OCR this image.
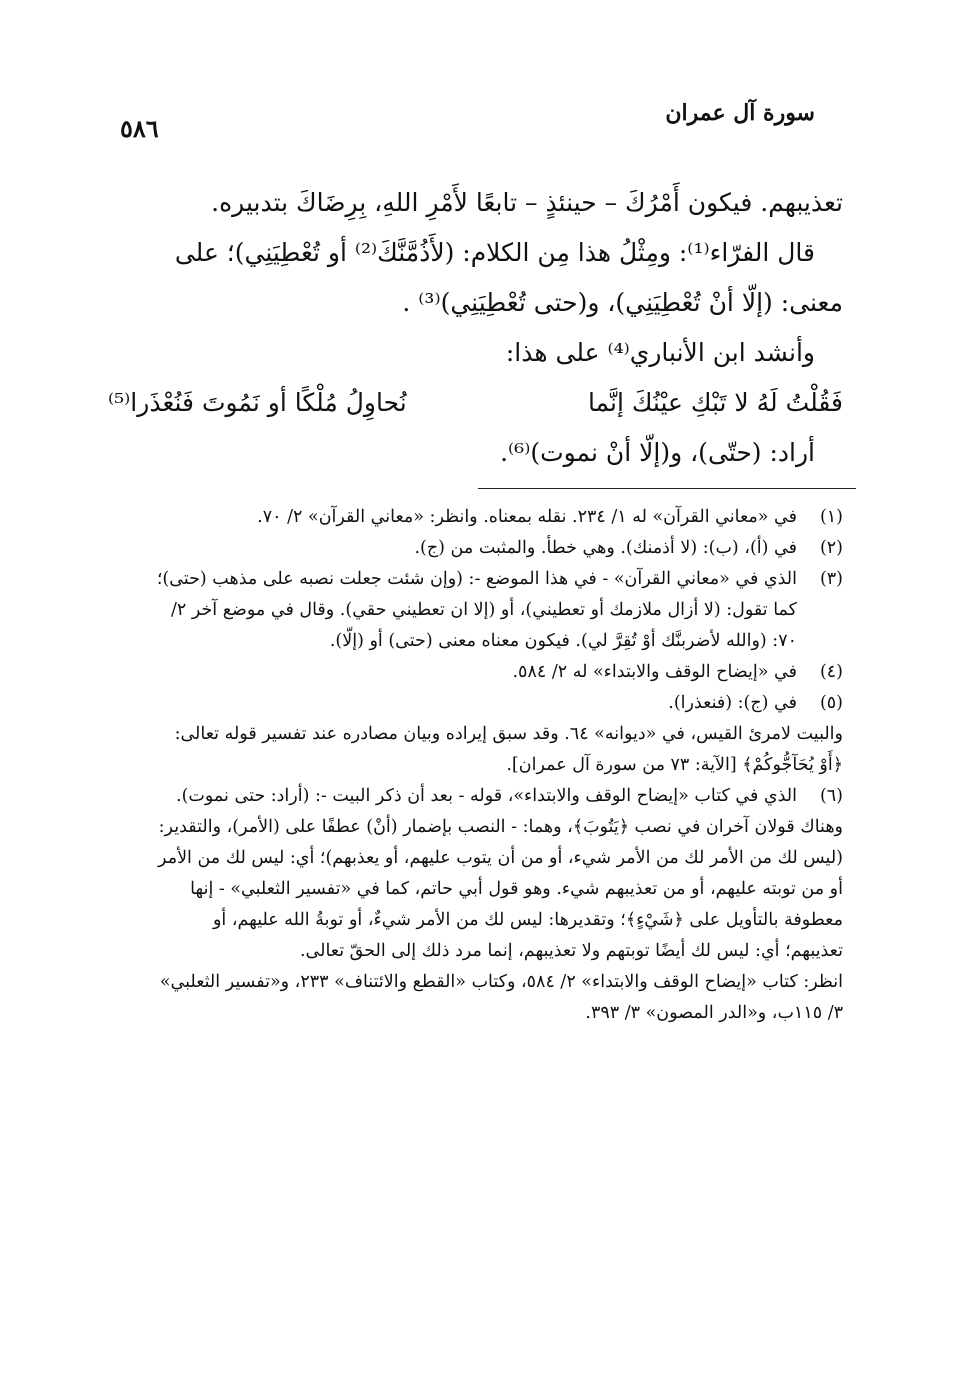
سورة آل عمران
٥٨٦

تعذيبهم. فيكون أَمْرُكَ – حينئذٍ – تابعًا لأَمْرِ اللهِ، بِرِضَاكَ بتدبيره.

قال الفرّاء⁽¹⁾: ومِثْلُ هذا مِن الكلام: (لأَذُمَّنَّكَ⁽²⁾ أو تُعْطِيَنِي)؛ على

معنى: (إلّا أنْ تُعْطِيَنِي)، و(حتى تُعْطِيَنِي)⁽³⁾ .

وأنشد ابن الأنباري⁽⁴⁾ على هذا:

فَقُلْتُ لَهُ لا تَبْكِ عيْنُكَ إنَّما
نُحاوِلُ مُلْكًا أو نَمُوتَ فَنُعْذَرا⁽⁵⁾

أراد: (حتّى)، و(إلّا أنْ نموت)⁽⁶⁾.

(١)
في «معاني القرآن» له ١/ ٢٣٤. نقله بمعناه. وانظر: «معاني القرآن» ٢/ ٧٠.
(٢)
في (أ)، (ب): (لا أذمنك). وهي خطأ. والمثبت من (ج).
(٣)
الذي في «معاني القرآن» - في هذا الموضع -: (وإن شئت جعلت نصبه على مذهب (حتى)؛ كما تقول: (لا أزال ملازمك أو تعطيني)، أو (إلا ان تعطيني حقي). وقال في موضع آخر ٢/ ٧٠: (والله لأضربنَّك أوْ تُقِرَّ لي). فيكون معناه معنى (حتى) أو (إلّا).
(٤)
في «إيضاح الوقف والابتداء» له ٢/ ٥٨٤.
(٥)
في (ج): (فنعذرا).

والبيت لامرئ القيس، في «ديوانه» ٦٤. وقد سبق إيراده وبيان مصادره عند تفسير قوله تعالى: ﴿أَوْ يُحَآجُّوكُمْ﴾ [الآية: ٧٣ من سورة آل عمران].

(٦)
الذي في كتاب «إيضاح الوقف والابتداء»، قوله - بعد أن ذكر البيت -: (أراد: حتى نموت).

وهناك قولان آخران في نصب ﴿يَتُوبَ﴾، وهما: - النصب بإضمار (أنْ) عطفًا على (الأمر)، والتقدير: (ليس لك من الأمر لك من الأمر شيء، أو من أن يتوب عليهم، أو يعذبهم)؛ أي: ليس لك من الأمر أو من توبته عليهم، أو من تعذيبهم شيء. وهو قول أبي حاتم، كما في «تفسير الثعلبي» - إنها معطوفة بالتأويل على ﴿شَيْءٍ﴾؛ وتقديرها: ليس لك من الأمر شيءٌ، أو توبةُ الله عليهم، أو تعذيبهم؛ أي: ليس لك أيضًا توبتهم ولا تعذيبهم، إنما مرد ذلك إلى الحقّ تعالى.

انظر: كتاب «إيضاح الوقف والابتداء» ٢/ ٥٨٤، وكتاب «القطع والائتناف» ٢٣٣، و«تفسير الثعلبي» ٣/ ١١٥ب، و«الدر المصون» ٣/ ٣٩٣.
